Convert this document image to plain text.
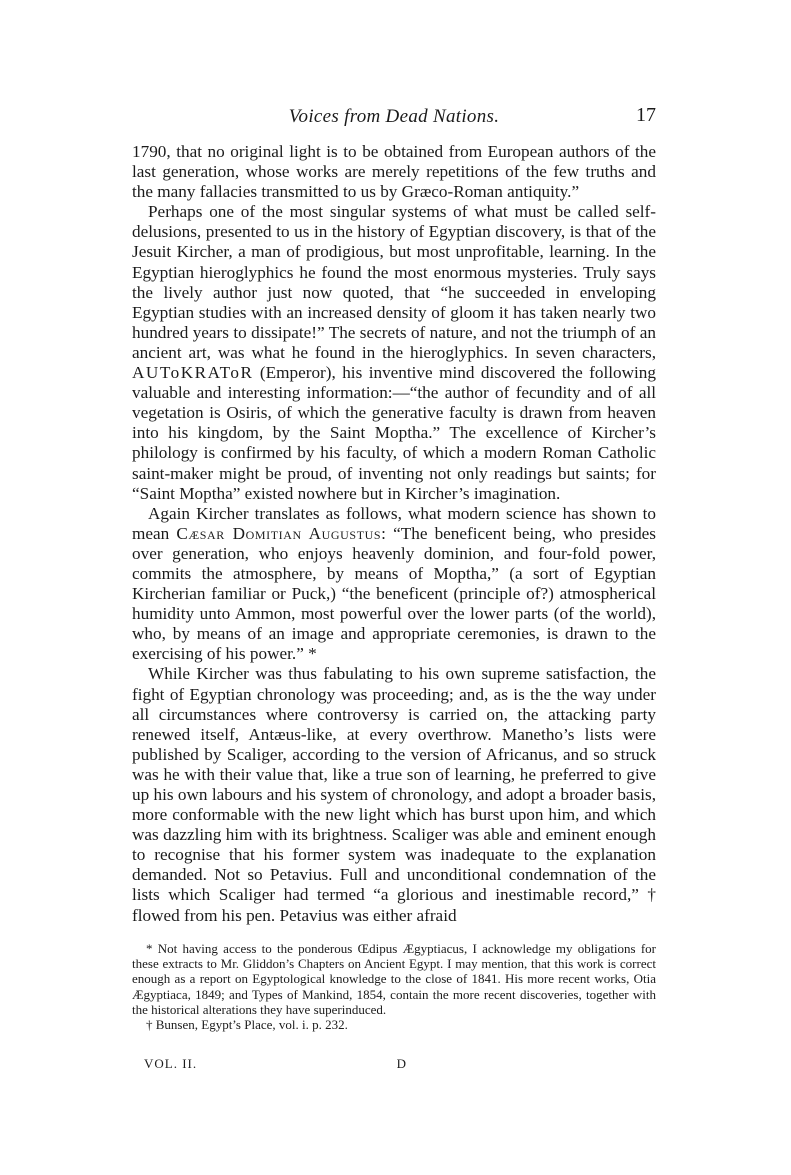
Voices from Dead Nations.	17

1790, that no original light is to be obtained from European authors of the last generation, whose works are merely repetitions of the few truths and the many fallacies transmitted to us by Græco-Roman antiquity.”

Perhaps one of the most singular systems of what must be called self-delusions, presented to us in the history of Egyptian discovery, is that of the Jesuit Kircher, a man of prodigious, but most unprofitable, learning. In the Egyptian hieroglyphics he found the most enormous mysteries. Truly says the lively author just now quoted, that “he succeeded in enveloping Egyptian studies with an increased density of gloom it has taken nearly two hundred years to dissipate!” The secrets of nature, and not the triumph of an ancient art, was what he found in the hieroglyphics. In seven characters, AUToKRAToR (Emperor), his inventive mind discovered the following valuable and interesting information:—“the author of fecundity and of all vegetation is Osiris, of which the generative faculty is drawn from heaven into his kingdom, by the Saint Moptha.” The excellence of Kircher’s philology is confirmed by his faculty, of which a modern Roman Catholic saint-maker might be proud, of inventing not only readings but saints; for “Saint Moptha” existed nowhere but in Kircher’s imagination.

Again Kircher translates as follows, what modern science has shown to mean Cæsar Domitian Augustus: “The beneficent being, who presides over generation, who enjoys heavenly dominion, and four-fold power, commits the atmosphere, by means of Moptha,” (a sort of Egyptian Kircherian familiar or Puck,) “the beneficent (principle of?) atmospherical humidity unto Ammon, most powerful over the lower parts (of the world), who, by means of an image and appropriate ceremonies, is drawn to the exercising of his power.” *

While Kircher was thus fabulating to his own supreme satisfaction, the fight of Egyptian chronology was proceeding; and, as is the the way under all circumstances where controversy is carried on, the attacking party renewed itself, Antæus-like, at every overthrow. Manetho’s lists were published by Scaliger, according to the version of Africanus, and so struck was he with their value that, like a true son of learning, he preferred to give up his own labours and his system of chronology, and adopt a broader basis, more conformable with the new light which has burst upon him, and which was dazzling him with its brightness. Scaliger was able and eminent enough to recognise that his former system was inadequate to the explanation demanded. Not so Petavius. Full and unconditional condemnation of the lists which Scaliger had termed “a glorious and inestimable record,” † flowed from his pen. Petavius was either afraid

* Not having access to the ponderous Œdipus Ægyptiacus, I acknowledge my obligations for these extracts to Mr. Gliddon’s Chapters on Ancient Egypt. I may mention, that this work is correct enough as a report on Egyptological knowledge to the close of 1841. His more recent works, Otia Ægyptiaca, 1849; and Types of Mankind, 1854, contain the more recent discoveries, together with the historical alterations they have superinduced.

† Bunsen, Egypt’s Place, vol. i. p. 232.

VOL. II.	D
